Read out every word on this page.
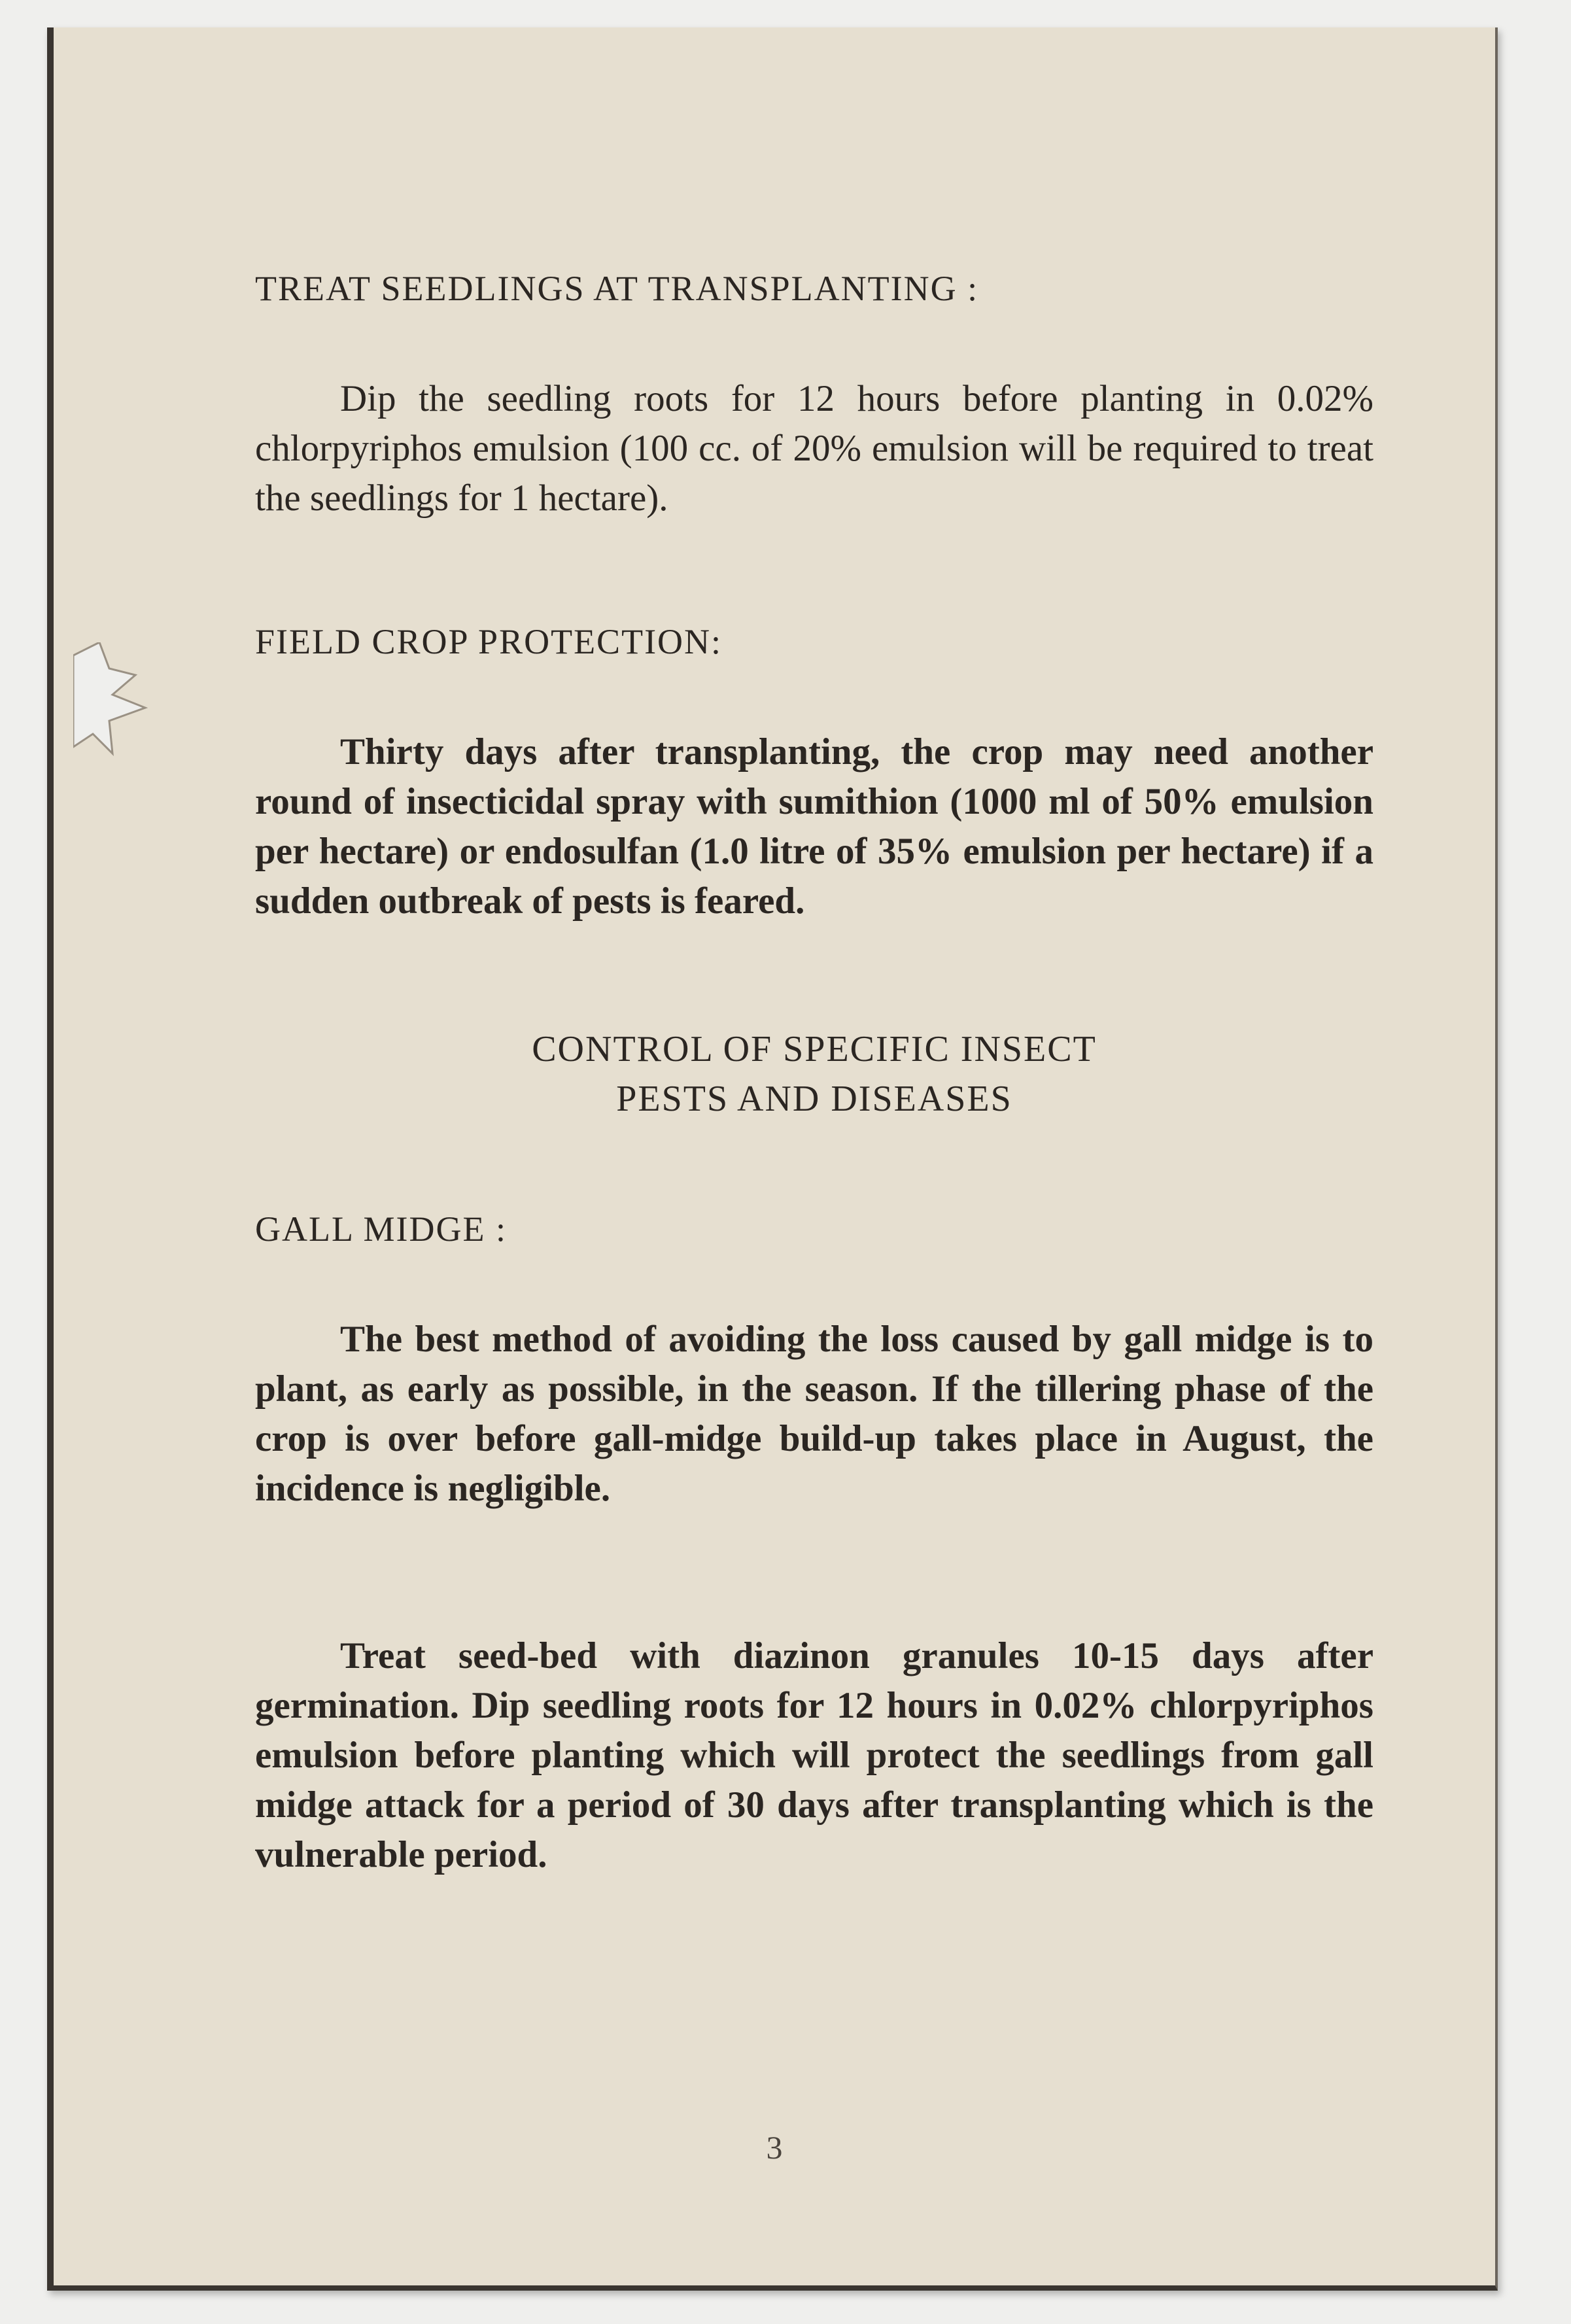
TREAT SEEDLINGS AT TRANSPLANTING :

Dip the seedling roots for 12 hours before planting in 0.02% chlorpyriphos emulsion (100 cc. of 20% emulsion will be required to treat the seedlings for 1 hectare).

FIELD CROP PROTECTION:

Thirty days after transplanting, the crop may need another round of insecticidal spray with sumithion (1000 ml of 50% emulsion per hectare) or endosulfan (1.0 litre of 35% emulsion per hectare) if a sudden outbreak of pests is feared.

CONTROL OF SPECIFIC INSECT

PESTS AND DISEASES

GALL MIDGE :

The best method of avoiding the loss caused by gall midge is to plant, as early as possible, in the season. If the tillering phase of the crop is over before gall-midge build-up takes place in August, the incidence is negligible.

Treat seed-bed with diazinon granules 10-15 days after germination. Dip seedling roots for 12 hours in 0.02% chlorpyriphos emulsion before planting which will protect the seedlings from gall midge attack for a period of 30 days after transplanting which is the vulnerable period.

3
